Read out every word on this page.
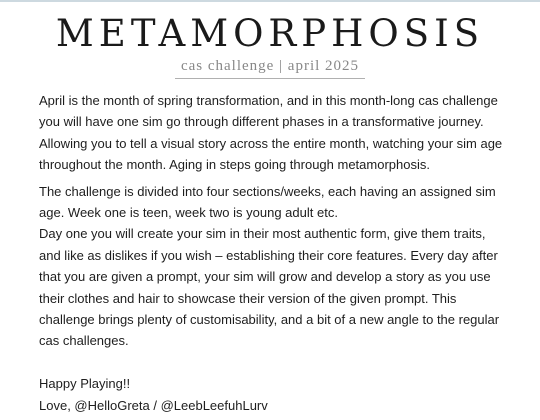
METAMORPHOSIS
cas challenge | april 2025

April is the month of spring transformation, and in this month-long cas challenge you will have one sim go through different phases in a transformative journey. Allowing you to tell a visual story across the entire month, watching your sim age throughout the month. Aging in steps going through metamorphosis.

The challenge is divided into four sections/weeks, each having an assigned sim age. Week one is teen, week two is young adult etc.

Day one you will create your sim in their most authentic form, give them traits, and like as dislikes if you wish – establishing their core features. Every day after that you are given a prompt, your sim will grow and develop a story as you use their clothes and hair to showcase their version of the given prompt. This challenge brings plenty of customisability, and a bit of a new angle to the regular cas challenges.

Happy Playing!!

Love, @HelloGreta / @LeebLeefuhLurv
